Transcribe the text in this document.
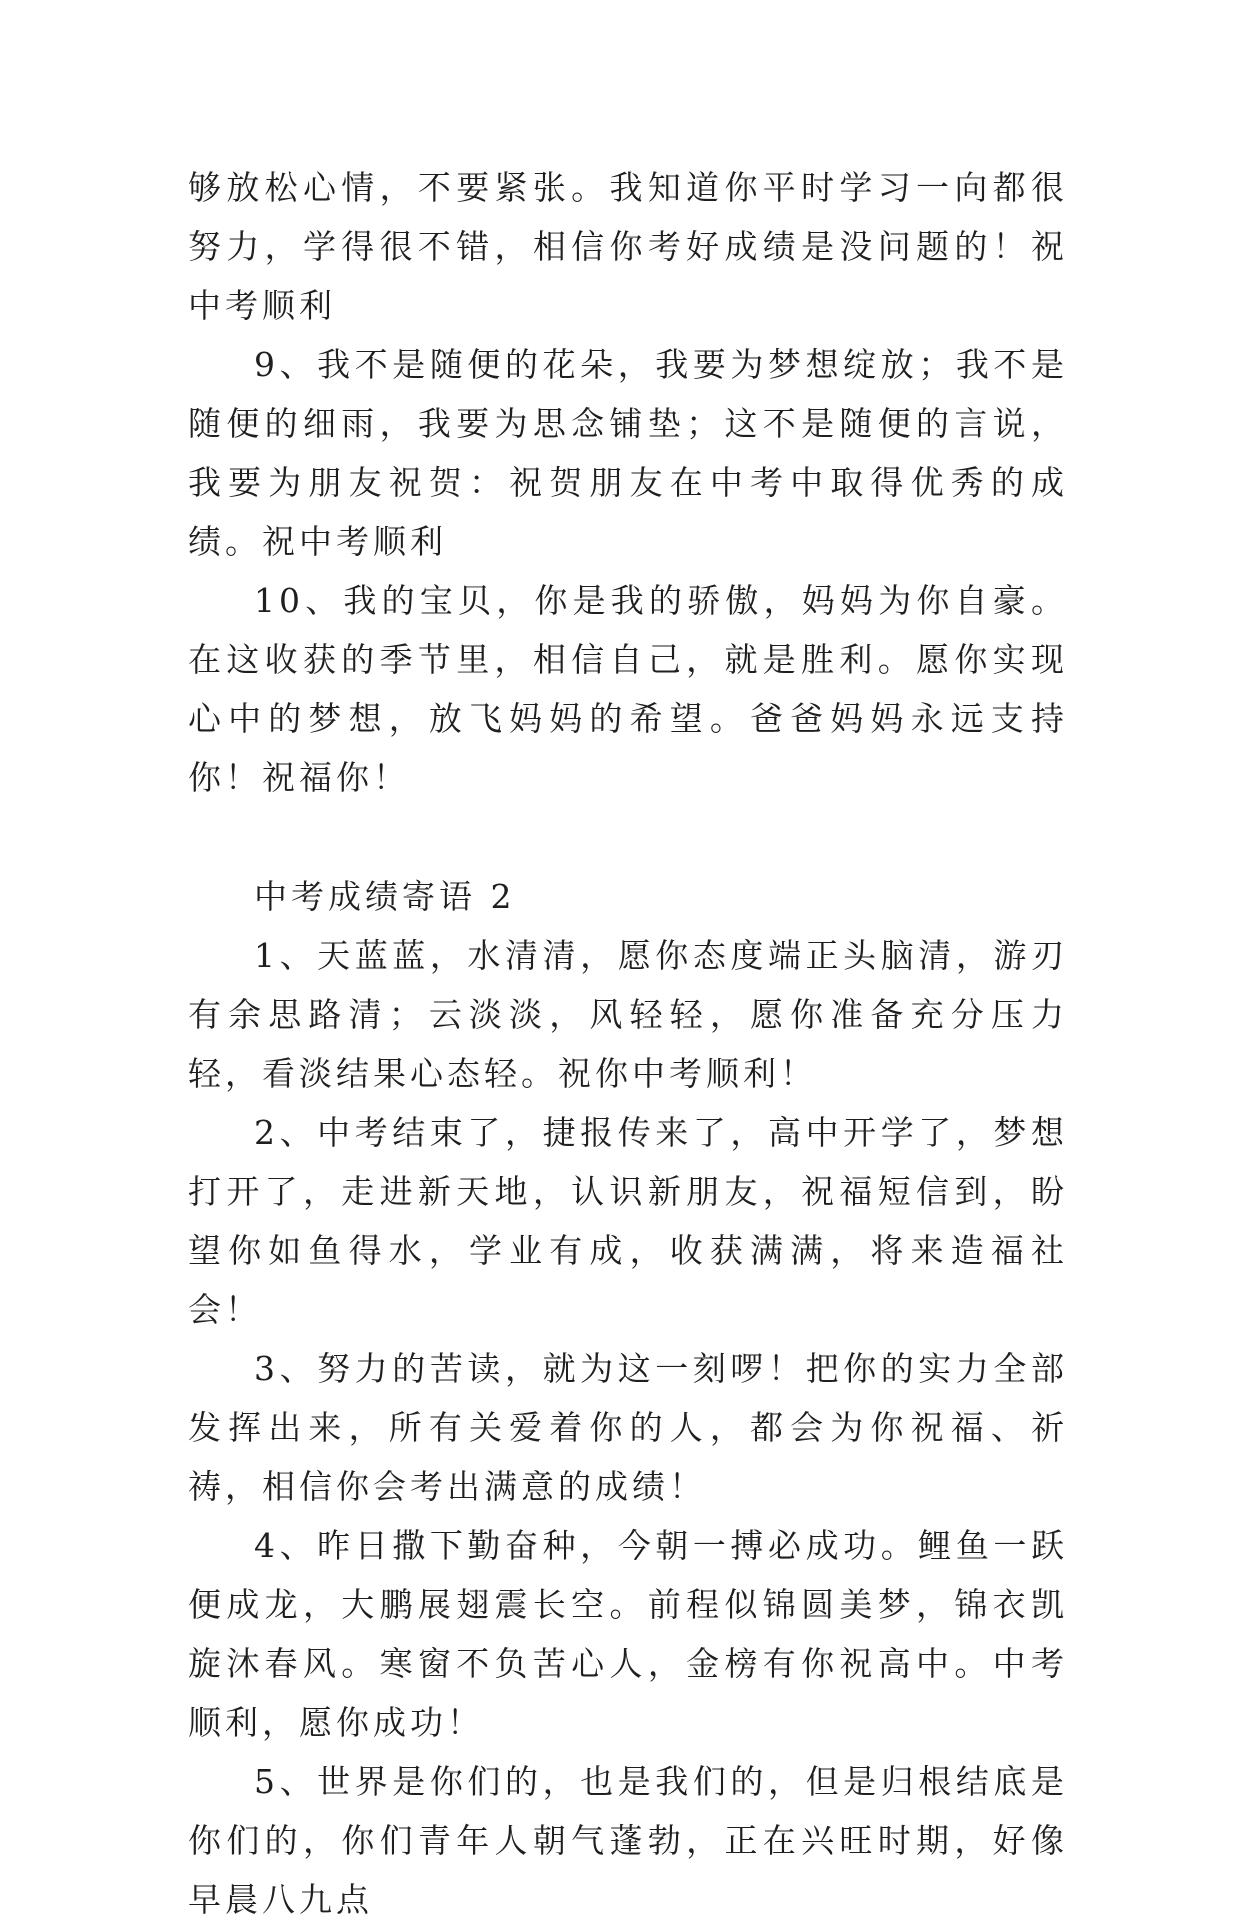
够放松心情，不要紧张。我知道你平时学习一向都很努力，学得很不错，相信你考好成绩是没问题的！祝中考顺利

9、我不是随便的花朵，我要为梦想绽放；我不是随便的细雨，我要为思念铺垫；这不是随便的言说，我要为朋友祝贺：祝贺朋友在中考中取得优秀的成绩。祝中考顺利

10、我的宝贝，你是我的骄傲，妈妈为你自豪。在这收获的季节里，相信自己，就是胜利。愿你实现心中的梦想，放飞妈妈的希望。爸爸妈妈永远支持你！祝福你！

中考成绩寄语 2

1、天蓝蓝，水清清，愿你态度端正头脑清，游刃有余思路清；云淡淡，风轻轻，愿你准备充分压力轻，看淡结果心态轻。祝你中考顺利！

2、中考结束了，捷报传来了，高中开学了，梦想打开了，走进新天地，认识新朋友，祝福短信到，盼望你如鱼得水，学业有成，收获满满，将来造福社会！

3、努力的苦读，就为这一刻啰！把你的实力全部发挥出来，所有关爱着你的人，都会为你祝福、祈祷，相信你会考出满意的成绩！

4、昨日撒下勤奋种，今朝一搏必成功。鲤鱼一跃便成龙，大鹏展翅震长空。前程似锦圆美梦，锦衣凯旋沐春风。寒窗不负苦心人，金榜有你祝高中。中考顺利，愿你成功！

5、世界是你们的，也是我们的，但是归根结底是你们的，你们青年人朝气蓬勃，正在兴旺时期，好像早晨八九点
